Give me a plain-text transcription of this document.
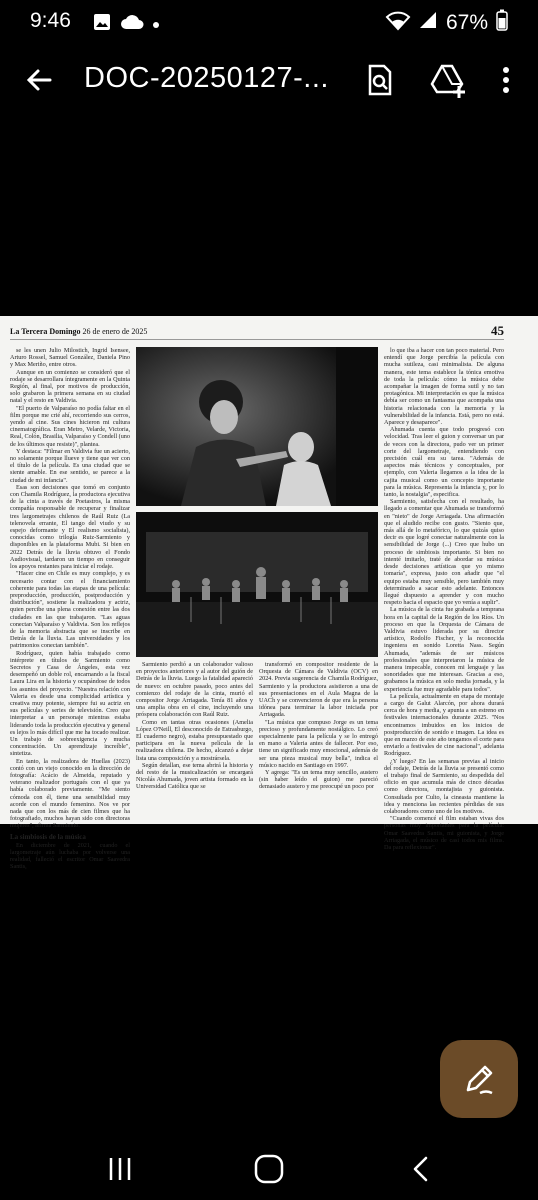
9:46	67%
DOC-20250127-...
La Tercera Domingo 26 de enero de 2025	45

se les unen Julio Milostich, Ingrid Isensee, Arturo Rossel, Samuel González, Daniela Pino y Max Meriño, entre otros.

Aunque en un comienzo se consideró que el rodaje se desarrollara íntegramente en la Quinta Región, al final, por motivos de producción, solo grabaron la primera semana en su ciudad natal y el resto en Valdivia.

"El puerto de Valparaíso no podía faltar en el film porque me crié ahí, recorriendo sus cerros, yendo al cine. Sus cines hicieron mi cultura cinematográfica. Eran Metro, Velarde, Victoria, Real, Colón, Brasilia, Valparaíso y Condell (uno de los últimos que resiste)", plantea.

Y destaca: "Filmar en Valdivia fue un acierto, no solamente porque llueve y tiene que ver con el título de la película. Es una ciudad que se siente amable. En ese sentido, se parece a la ciudad de mi infancia".

Esas son decisiones que tomó en conjunto con Chamila Rodríguez, la productora ejecutiva de la cinta a través de Poetastros, la misma compañía responsable de recuperar y finalizar tres largometrajes chilenos de Raúl Ruiz (La telenovela errante, El tango del viudo y su espejo deformante y El realismo socialista), conocidas como trilogía Ruiz-Sarmiento y disponibles en la plataforma Mubi. Si bien en 2022 Detrás de la lluvia obtuvo el Fondo Audiovisual, tardaron un tiempo en conseguir los apoyos restantes para iniciar el rodaje.

"Hacer cine en Chile es muy complejo, y es necesario contar con el financiamiento coherente para todas las etapas de una película: preproducción, producción, postproducción y distribución", sostiene la realizadora y actriz, quien percibe una plena conexión entre las dos ciudades en las que trabajaron. "Las aguas conectan Valparaíso y Valdivia. Son los reflejos de la memoria abstracta que se inscribe en Detrás de la lluvia. Las universidades y los patrimonios conectan también".

Rodríguez, quien había trabajado como intérprete en títulos de Sarmiento como Secretos y Casa de Ángeles, esta vez desempeñó un doble rol, encarnando a la fiscal Laura Lira en la historia y ocupándose de todos los asuntos del proyecto. "Nuestra relación con Valeria es desde una complicidad artística y creativa muy potente, siempre fui su actriz en sus películas y series de televisión. Creo que interpretar a un personaje mientras estaba liderando toda la producción ejecutiva y general es lejos lo más difícil que me ha tocado realizar. Un trabajo de sobreexigencia y mucha concentración. Un aprendizaje increíble", sintetiza.

En tanto, la realizadora de Huellas (2023) contó con un viejo conocido en la dirección de fotografía: Acácio de Almeida, reputado y veterano realizador portugués con el que ya había colaborado previamente. "Me siento cómoda con él, tiene una sensibilidad muy acorde con el mundo femenino. Nos ve por nada que con los más de cien filmes que ha fotografiado, muchos hayan sido con directoras mujeres", afirma Sarmiento.

La simbiosis de la música

En diciembre de 2021, cuando el largometraje aún luchaba por volverse una realidad, falleció el escritor Omar Saavedra Santis,

Sarmiento perdió a un colaborador valioso en proyectos anteriores y al autor del guión de Detrás de la lluvia. Luego la fatalidad apareció de nuevo: en octubre pasado, poco antes del comienzo del rodaje de la cinta, murió el compositor Jorge Arriagada. Tenía 81 años y una amplia obra en el cine, incluyendo una próspera colaboración con Raúl Ruiz.

Como en tantas otras ocasiones (Amelia López O'Neill, El desconocido de Estrasburgo, El cuaderno negro), estaba presupuestado que participara en la nueva película de la realizadora chilena. De hecho, alcanzó a dejar lista una composición y a mostrársela.

Según detallan, ese tema abrirá la historia y del resto de la musicalización se encargará Nicolás Ahumada, joven artista formado en la Universidad Católica que se

transformó en compositor residente de la Orquesta de Cámara de Valdivia (OCV) en 2024. Previa sugerencia de Chamila Rodríguez, Sarmiento y la productora asistieron a una de sus presentaciones en el Aula Magna de la UACh y se convencieron de que era la persona idónea para terminar la labor iniciada por Arriagada.

"La música que compuso Jorge es un tema precioso y profundamente nostálgico. Lo creó especialmente para la película y se lo entregó en mano a Valeria antes de fallecer. Por eso, tiene un significado muy emocional, además de ser una pieza musical muy bella", indica el músico nacido en Santiago en 1997.

Y agrega: "Es un tema muy sencillo, austero (sin haber leído el guion) me pareció demasiado austero y me preocupé un poco por

lo que iba a hacer con tan poco material. Pero entendí que Jorge percibía la película con mucha sutileza, casi minimalista. De alguna manera, este tema establece la tónica emotiva de toda la película: cómo la música debe acompañar la imagen de forma sutil y no tan protagónica. Mi interpretación es que la música debía ser como un fantasma que acompaña una historia relacionada con la memoria y la vulnerabilidad de la infancia. Está, pero no está. Aparece y desaparece".

Ahumada cuenta que todo progresó con velocidad. Tras leer el guion y conversar un par de veces con la directora, pudo ver un primer corte del largometraje, entendiendo con precisión cuál era su tarea. "Además de aspectos más técnicos y conceptuales, por ejemplo, con Valeria llegamos a la idea de la cajita musical como un concepto importante para la música. Representa la infancia y, por lo tanto, la nostalgia", especifica.

Sarmiento, satisfecha con el resultado, ha llegado a comentar que Ahumada se transformó en "nieto" de Jorge Arriagada. Una afirmación que el aludido recibe con gusto. "Siento que, más allá de lo metafórico, lo que quizás quiso decir es que logré conectar naturalmente con la sensibilidad de Jorge (...) Creo que hubo un proceso de simbiosis importante. Si bien no intenté imitarlo, traté de abordar su música desde decisiones artísticas que yo mismo tomaría", expresa, justo con añadir que "el equipo estaba muy sensible, pero también muy determinado a sacar esto adelante. Entonces llegué dispuesto a aprender y con mucho respeto hacia el espacio que yo venía a suplir".

La música de la cinta fue grabada a temprana hora en la capital de la Región de los Ríos. Un proceso en que la Orquesta de Cámara de Valdivia estuvo liderada por su director artístico, Rodolfo Fischer, y la reconocida ingeniera en sonido Loretta Nass. Según Ahumada, "además de ser músicos profesionales que interpretaron la música de manera impecable, conocen mi lenguaje y las sonoridades que me interesan. Gracias a eso, grabamos la música en solo media jornada, y la experiencia fue muy agradable para todos".

La película, actualmente en etapa de montaje a cargo de Galut Alarcón, por ahora durará cerca de hora y media, y apunta a un estreno en festivales internacionales durante 2025. "Nos encontramos imbuidos en los inicios de postproducción de sonido e imagen. La idea es que en marzo de este año tengamos el corte para enviarlo a festivales de cine nacional", adelanta Rodríguez.

¿Y luego? En las semanas previas al inicio del rodaje, Detrás de la lluvia se presentó como el trabajo final de Sarmiento, su despedida del oficio en que acumula más de cinco décadas como directora, montajista y guionista. Consultada por Culto, la cineasta mantiene la idea y menciona las recientes pérdidas de sus colaboradores como uno de los motivos.

"Cuando comencé el film estaban vivas dos personas muy importantes para la película: Omar Saavedra Santis, mi guionista, y Jorge Arriagada, el músico de casi todos mis films. Da para reflexionar".
